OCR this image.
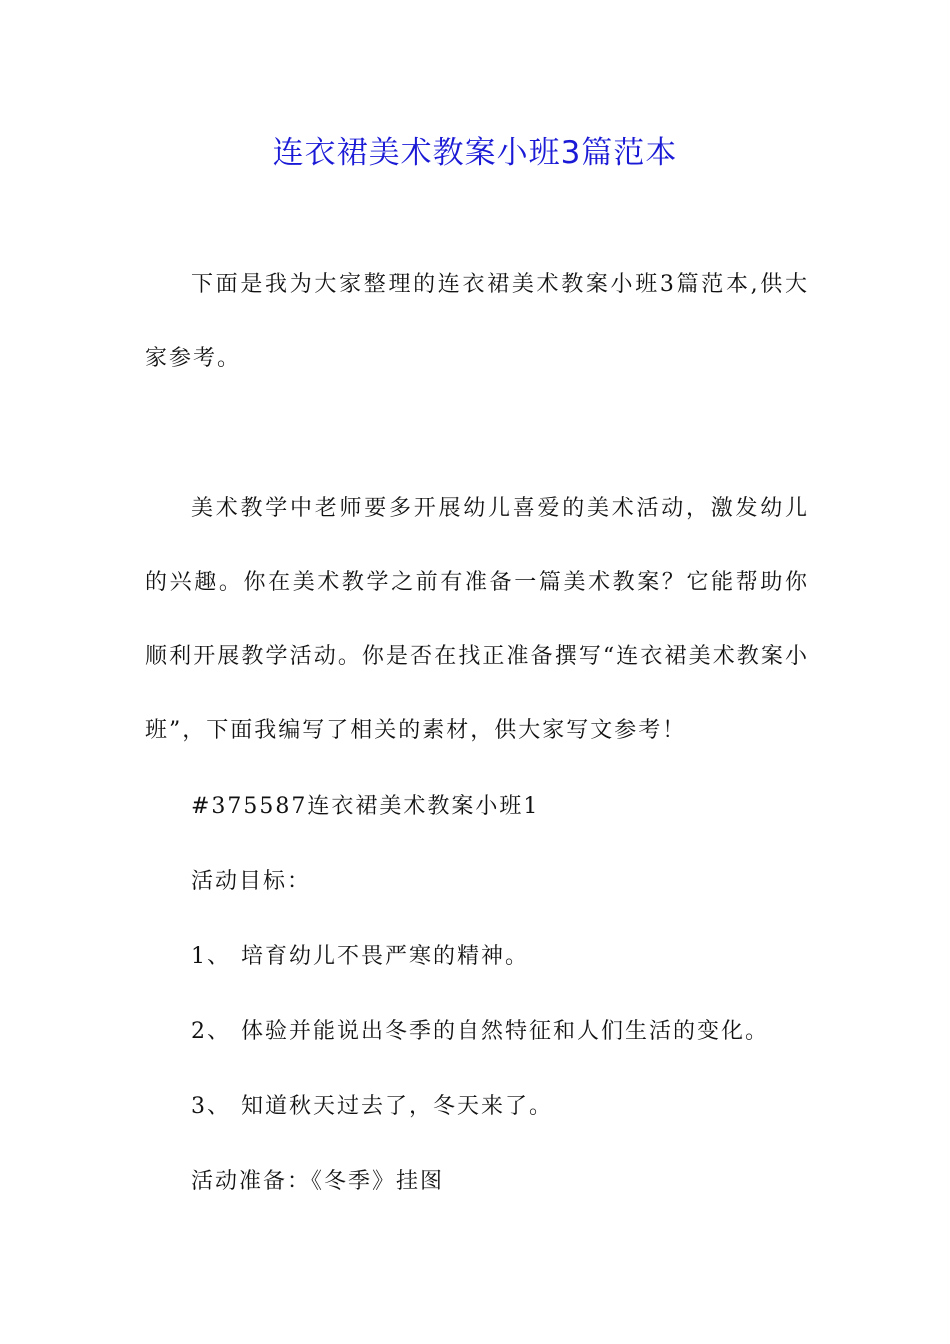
连衣裙美术教案小班3篇范本

下面是我为大家整理的连衣裙美术教案小班3篇范本,供大家参考。

美术教学中老师要多开展幼儿喜爱的美术活动，激发幼儿的兴趣。你在美术教学之前有准备一篇美术教案？它能帮助你顺利开展教学活动。你是否在找正准备撰写“连衣裙美术教案小班”，下面我编写了相关的素材，供大家写文参考！

#375587连衣裙美术教案小班1

活动目标：

1、 培育幼儿不畏严寒的精神。

2、 体验并能说出冬季的自然特征和人们生活的变化。

3、 知道秋天过去了，冬天来了。

活动准备：《冬季》挂图
